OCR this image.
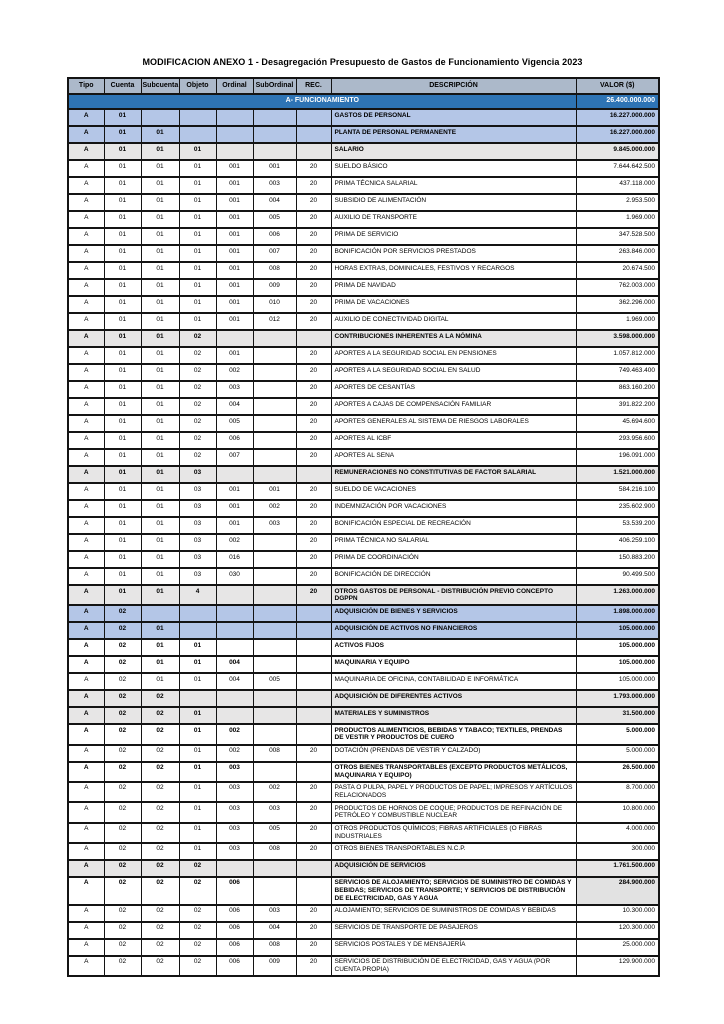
MODIFICACION ANEXO 1 - Desagregación Presupuesto de Gastos de Funcionamiento Vigencia 2023
Tipo	Cuenta	Subcuenta	Objeto	Ordinal	SubOrdinal	REC.	DESCRIPCIÓN	VALOR ($)
A- FUNCIONAMIENTO								26.400.000.000
A	01						GASTOS DE PERSONAL	16.227.000.000
A	01	01					PLANTA DE PERSONAL PERMANENTE	16.227.000.000
A	01	01	01				SALARIO	9.845.000.000
A	01	01	01	001	001	20	SUELDO BÁSICO	7.644.642.500
A	01	01	01	001	003	20	PRIMA TÉCNICA SALARIAL	437.118.000
A	01	01	01	001	004	20	SUBSIDIO DE ALIMENTACIÓN	2.953.500
A	01	01	01	001	005	20	AUXILIO DE TRANSPORTE	1.969.000
A	01	01	01	001	006	20	PRIMA DE SERVICIO	347.528.500
A	01	01	01	001	007	20	BONIFICACIÓN POR SERVICIOS PRESTADOS	263.846.000
A	01	01	01	001	008	20	HORAS EXTRAS, DOMINICALES, FESTIVOS Y RECARGOS	20.674.500
A	01	01	01	001	009	20	PRIMA DE NAVIDAD	762.003.000
A	01	01	01	001	010	20	PRIMA DE VACACIONES	362.296.000
A	01	01	01	001	012	20	AUXILIO DE CONECTIVIDAD DIGITAL	1.969.000
A	01	01	02				CONTRIBUCIONES INHERENTES A LA NÓMINA	3.598.000.000
A	01	01	02	001		20	APORTES A LA SEGURIDAD SOCIAL EN PENSIONES	1.057.812.000
A	01	01	02	002		20	APORTES A LA SEGURIDAD SOCIAL EN SALUD	749.463.400
A	01	01	02	003		20	APORTES DE CESANTÍAS	863.160.200
A	01	01	02	004		20	APORTES A CAJAS DE COMPENSACIÓN FAMILIAR	391.822.200
A	01	01	02	005		20	APORTES GENERALES AL SISTEMA DE RIESGOS LABORALES	45.694.600
A	01	01	02	006		20	APORTES AL ICBF	293.956.600
A	01	01	02	007		20	APORTES AL SENA	196.091.000
A	01	01	03				REMUNERACIONES NO CONSTITUTIVAS DE FACTOR SALARIAL	1.521.000.000
A	01	01	03	001	001	20	SUELDO DE VACACIONES	584.216.100
A	01	01	03	001	002	20	INDEMNIZACIÓN POR VACACIONES	235.602.900
A	01	01	03	001	003	20	BONIFICACIÓN ESPECIAL DE RECREACIÓN	53.539.200
A	01	01	03	002		20	PRIMA TÉCNICA NO SALARIAL	406.259.100
A	01	01	03	016		20	PRIMA DE COORDINACIÓN	150.883.200
A	01	01	03	030		20	BONIFICACIÓN DE DIRECCIÓN	90.499.500
A	01	01	4			20	OTROS GASTOS DE PERSONAL - DISTRIBUCIÓN PREVIO CONCEPTO DGPPN	1.263.000.000
A	02						ADQUISICIÓN DE BIENES Y SERVICIOS	1.898.000.000
A	02	01					ADQUISICIÓN DE ACTIVOS NO FINANCIEROS	105.000.000
A	02	01	01				ACTIVOS FIJOS	105.000.000
A	02	01	01	004			MAQUINARIA Y EQUIPO	105.000.000
A	02	01	01	004	005		MAQUINARIA DE OFICINA, CONTABILIDAD E INFORMÁTICA	105.000.000
A	02	02					ADQUISICIÓN DE DIFERENTES ACTIVOS	1.793.000.000
A	02	02	01				MATERIALES Y SUMINISTROS	31.500.000
A	02	02	01	002			PRODUCTOS ALIMENTICIOS, BEBIDAS Y TABACO; TEXTILES, PRENDAS DE VESTIR Y PRODUCTOS DE CUERO	5.000.000
A	02	02	01	002	008	20	DOTACIÓN (PRENDAS DE VESTIR Y CALZADO)	5.000.000
A	02	02	01	003			OTROS BIENES TRANSPORTABLES (EXCEPTO PRODUCTOS METÁLICOS, MAQUINARIA Y EQUIPO)	26.500.000
A	02	02	01	003	002	20	PASTA O PULPA, PAPEL Y PRODUCTOS DE PAPEL; IMPRESOS Y ARTÍCULOS RELACIONADOS	8.700.000
A	02	02	01	003	003	20	PRODUCTOS DE HORNOS DE COQUE; PRODUCTOS DE REFINACIÓN DE PETRÓLEO Y COMBUSTIBLE NUCLEAR	10.800.000
A	02	02	01	003	005	20	OTROS PRODUCTOS QUÍMICOS; FIBRAS ARTIFICIALES (O FIBRAS INDUSTRIALES	4.000.000
A	02	02	01	003	008	20	OTROS BIENES TRANSPORTABLES N.C.P.	300.000
A	02	02	02				ADQUISICIÓN DE SERVICIOS	1.761.500.000
A	02	02	02	006			SERVICIOS DE ALOJAMIENTO; SERVICIOS DE SUMINISTRO DE COMIDAS Y BEBIDAS; SERVICIOS DE TRANSPORTE; Y SERVICIOS DE DISTRIBUCIÓN DE ELECTRICIDAD, GAS Y AGUA	284.900.000
A	02	02	02	006	003	20	ALOJAMIENTO; SERVICIOS DE SUMINISTROS DE COMIDAS Y BEBIDAS	10.300.000
A	02	02	02	006	004	20	SERVICIOS DE TRANSPORTE DE PASAJEROS	120.300.000
A	02	02	02	006	008	20	SERVICIOS POSTALES Y DE MENSAJERÍA	25.000.000
A	02	02	02	006	009	20	SERVICIOS DE DISTRIBUCIÓN DE ELECTRICIDAD, GAS Y AGUA (POR CUENTA PROPIA)	129.900.000
